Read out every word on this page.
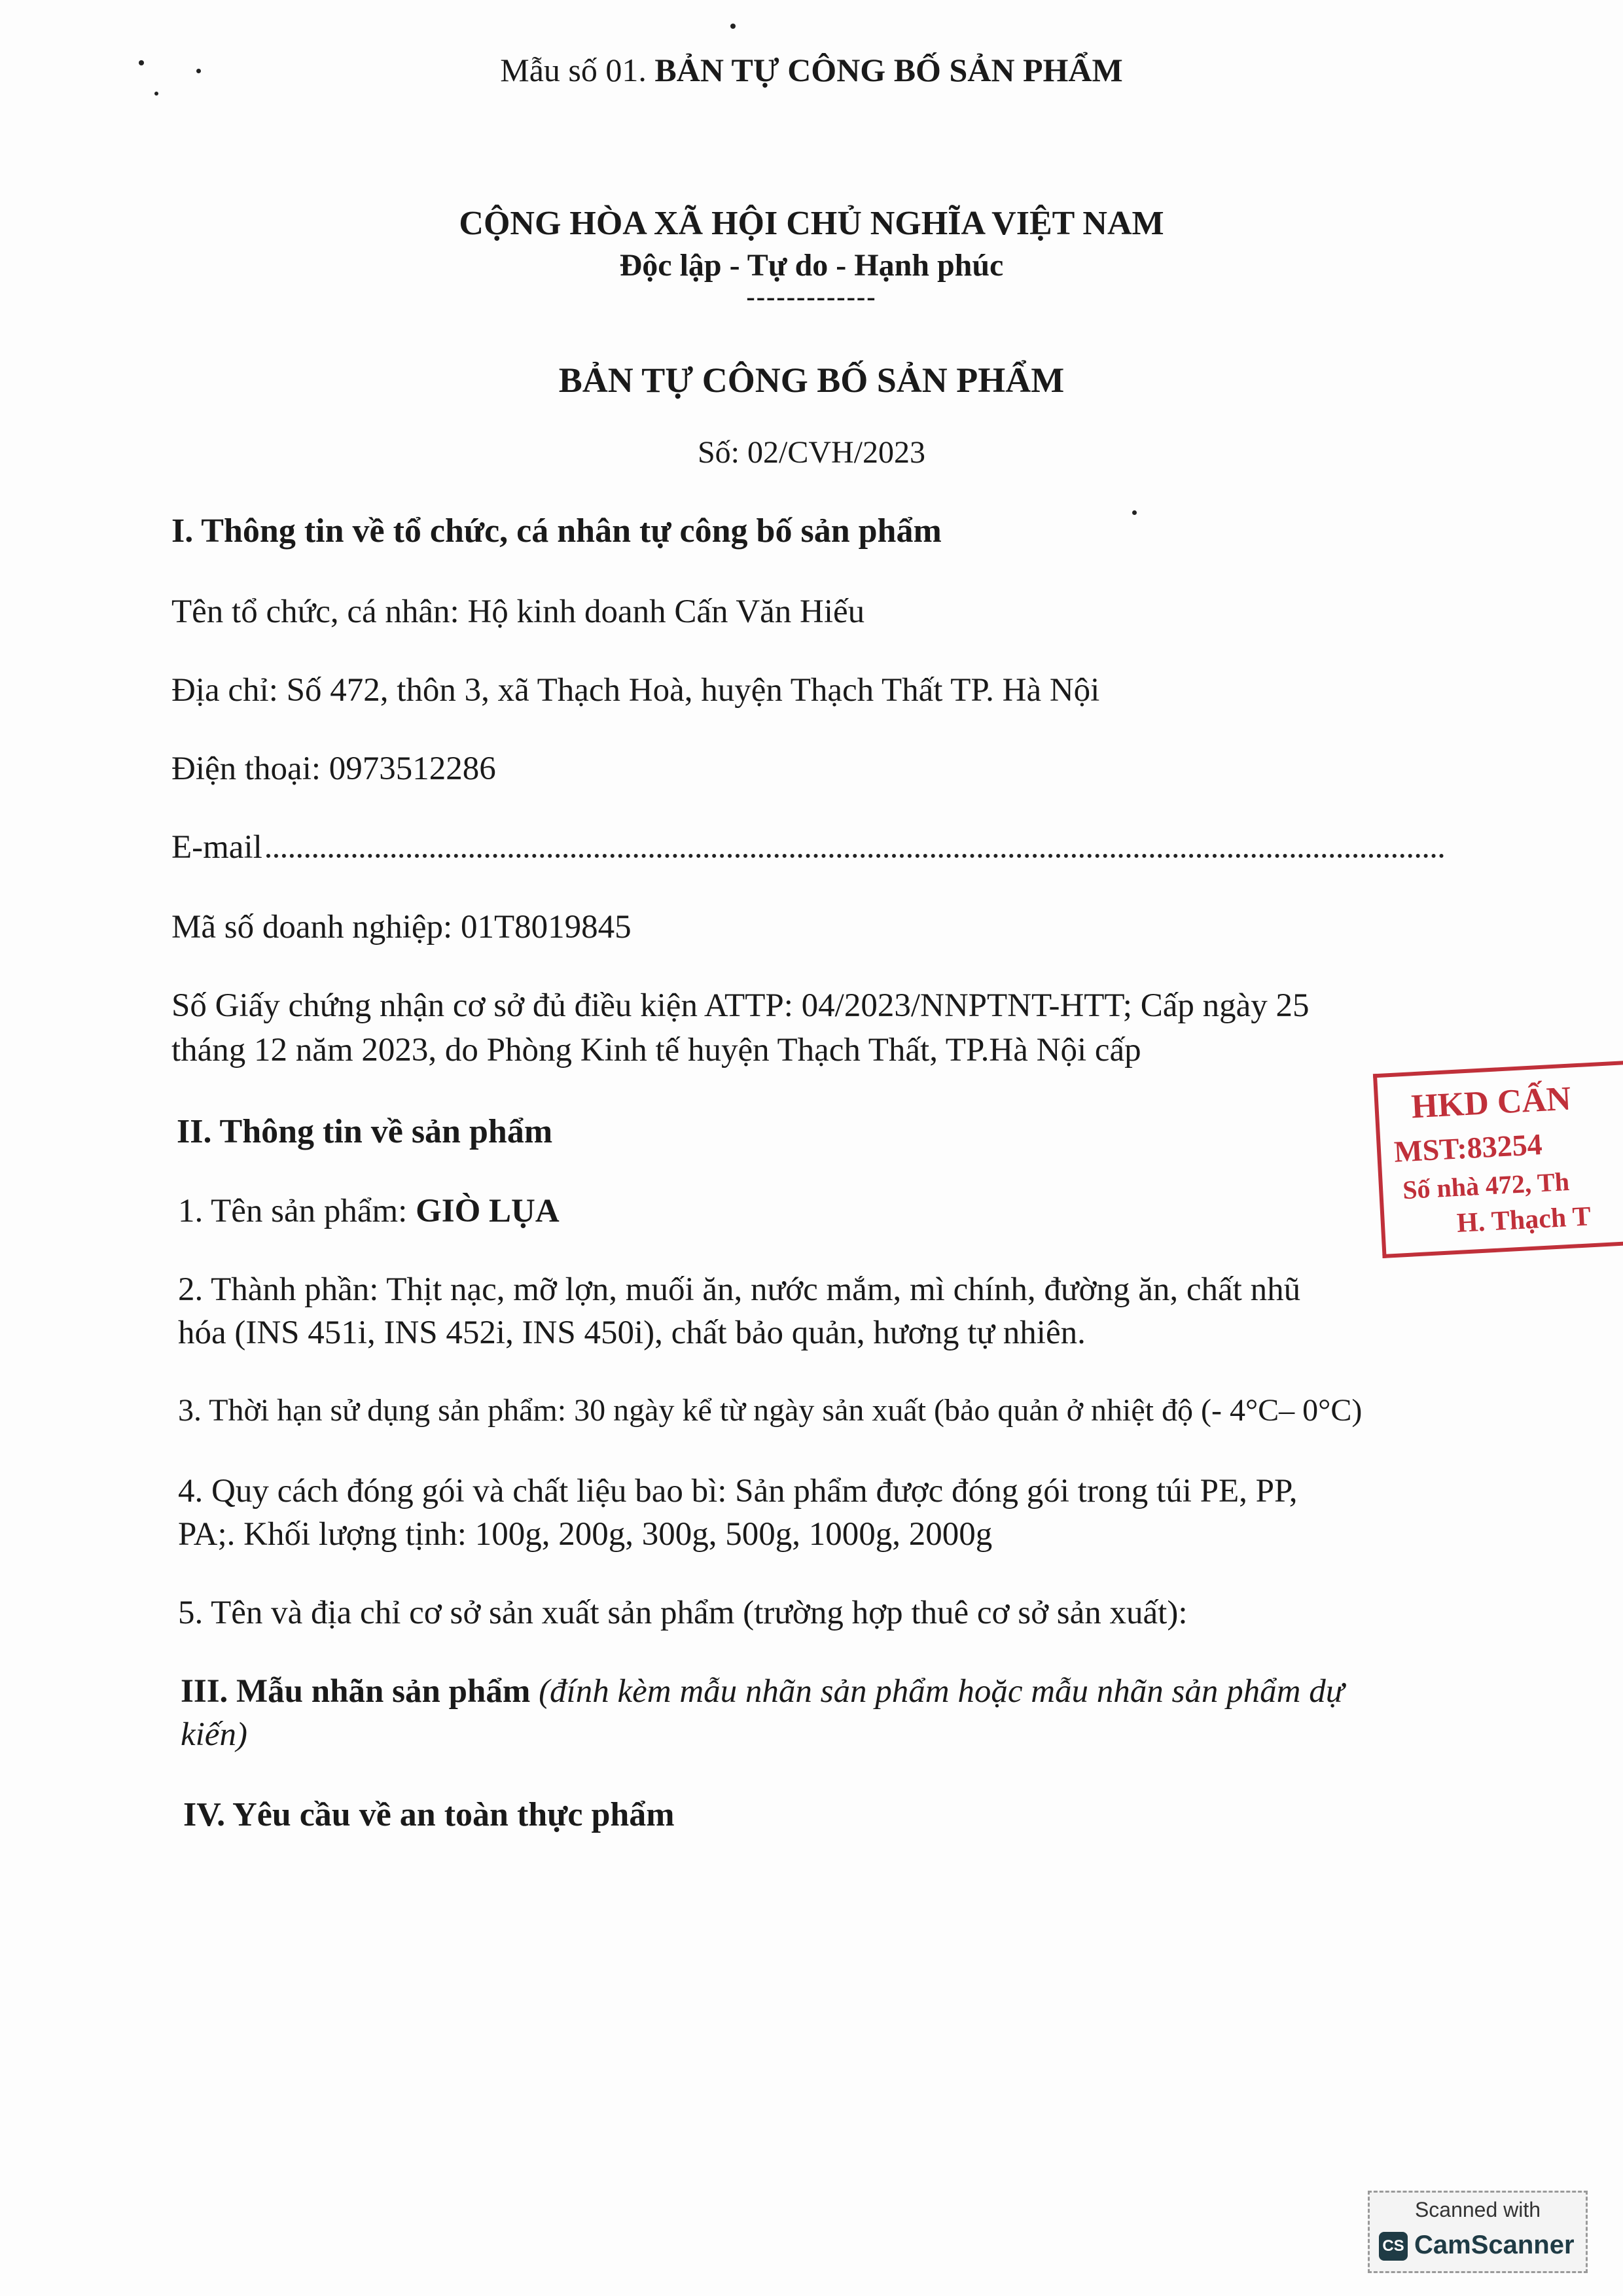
Mẫu số 01. BẢN TỰ CÔNG BỐ SẢN PHẨM
CỘNG HÒA XÃ HỘI CHỦ NGHĨA VIỆT NAM
Độc lập - Tự do - Hạnh phúc
-------------
BẢN TỰ CÔNG BỐ SẢN PHẨM
Số: 02/CVH/2023
I. Thông tin về tổ chức, cá nhân tự công bố sản phẩm
Tên tổ chức, cá nhân: Hộ kinh doanh Cấn Văn Hiếu
Địa chỉ: Số 472, thôn 3, xã Thạch Hoà, huyện Thạch Thất TP. Hà Nội
Điện thoại: 0973512286
E-mail
Mã số doanh nghiệp: 01T8019845
Số Giấy chứng nhận cơ sở đủ điều kiện ATTP: 04/2023/NNPTNT-HTT; Cấp ngày 25
tháng 12 năm 2023, do Phòng Kinh tế huyện Thạch Thất, TP.Hà Nội cấp
II. Thông tin về sản phẩm
1. Tên sản phẩm: GIÒ LỤA
2. Thành phần: Thịt nạc, mỡ lợn, muối ăn, nước mắm, mì chính, đường ăn, chất nhũ
hóa (INS 451i, INS 452i, INS 450i), chất bảo quản, hương tự nhiên.
3. Thời hạn sử dụng sản phẩm: 30 ngày kể từ ngày sản xuất (bảo quản ở nhiệt độ (- 4°C– 0°C)
4. Quy cách đóng gói và chất liệu bao bì: Sản phẩm được đóng gói trong túi PE, PP,
PA;. Khối lượng tịnh: 100g, 200g, 300g, 500g, 1000g, 2000g
5. Tên và địa chỉ cơ sở sản xuất sản phẩm (trường hợp thuê cơ sở sản xuất):
III. Mẫu nhãn sản phẩm (đính kèm mẫu nhãn sản phẩm hoặc mẫu nhãn sản phẩm dự
kiến)
IV. Yêu cầu về an toàn thực phẩm
HKD CẤN
MST:83254
Số nhà 472, Th
H. Thạch T
Scanned with
CS CamScanner
